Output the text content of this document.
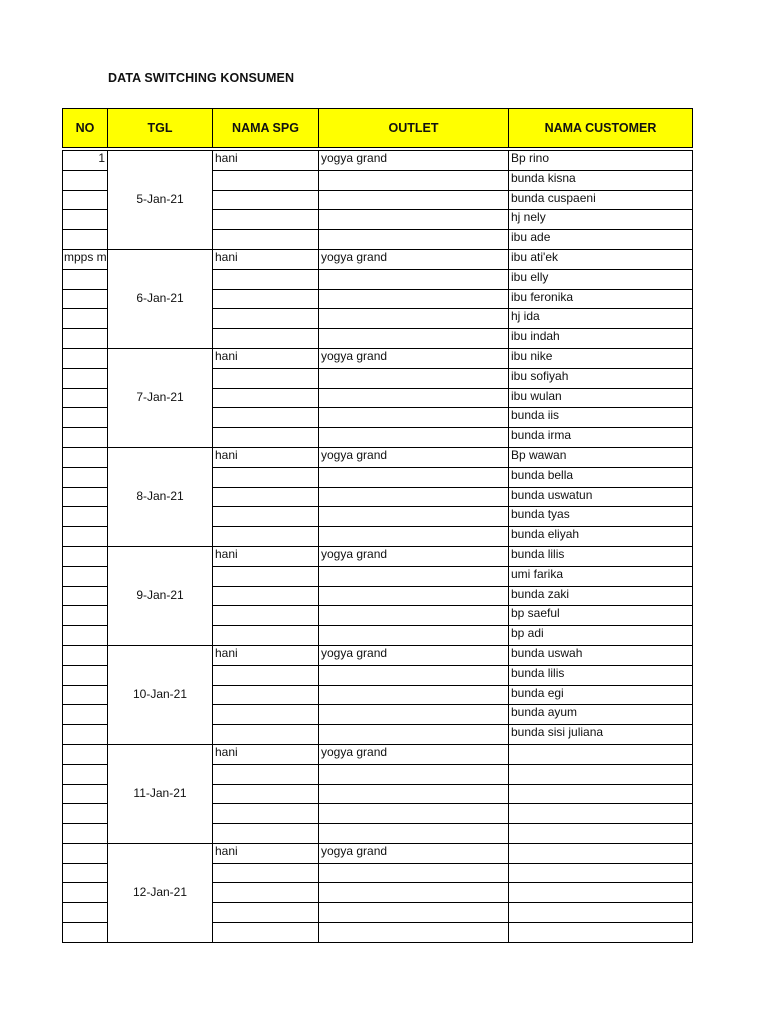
DATA SWITCHING KONSUMEN
NO	TGL	NAMA SPG	OUTLET	NAMA CUSTOMER

1	5-Jan-21	hani	yogya grand	Bp rino
				bunda kisna
				bunda cuspaeni
				hj nely
				ibu ade
mpps m	6-Jan-21	hani	yogya grand	ibu ati'ek
				ibu elly
				ibu feronika
				hj ida
				ibu indah
	7-Jan-21	hani	yogya grand	ibu nike
				ibu sofiyah
				ibu wulan
				bunda iis
				bunda irma
	8-Jan-21	hani	yogya grand	Bp wawan
				bunda bella
				bunda uswatun
				bunda tyas
				bunda eliyah
	9-Jan-21	hani	yogya grand	bunda lilis
				umi farika
				bunda zaki
				bp saeful
				bp adi
	10-Jan-21	hani	yogya grand	bunda uswah
				bunda lilis
				bunda egi
				bunda ayum
				bunda sisi juliana
	11-Jan-21	hani	yogya grand	

	12-Jan-21	hani	yogya grand	
